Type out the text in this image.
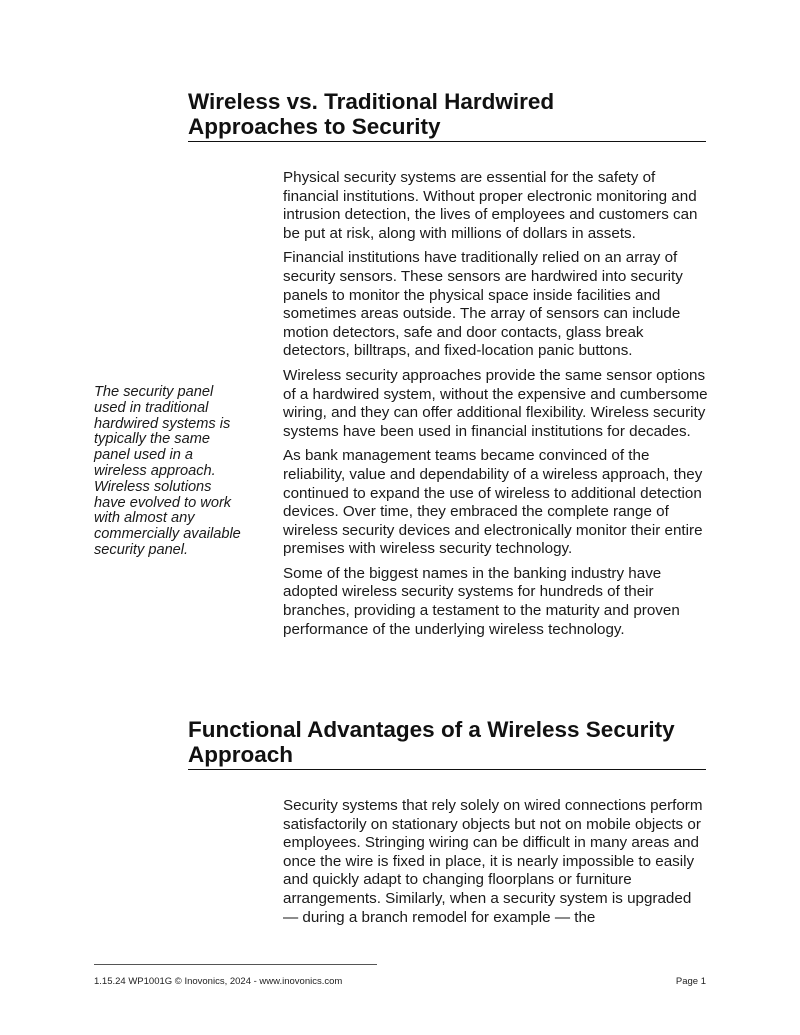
Wireless vs. Traditional Hardwired
Approaches to Security

Physical security systems are essential for the safety of financial institutions. Without proper electronic monitoring and intrusion detection, the lives of employees and customers can be put at risk, along with millions of dollars in assets.

Financial institutions have traditionally relied on an array of security sensors. These sensors are hardwired into security panels to monitor the physical space inside facilities and sometimes areas outside. The array of sensors can include motion detectors, safe and door contacts, glass break detectors, billtraps, and fixed-location panic buttons.

Wireless security approaches provide the same sensor options of a hardwired system, without the expensive and cumbersome wiring, and they can offer additional flexibility. Wireless security systems have been used in financial institutions for decades.

As bank management teams became convinced of the reliability, value and dependability of a wireless approach, they continued to expand the use of wireless to additional detection devices. Over time, they embraced the complete range of wireless security devices and electronically monitor their entire premises with wireless security technology.

Some of the biggest names in the banking industry have adopted wireless security systems for hundreds of their branches, providing a testament to the maturity and proven performance of the underlying wireless technology.

The security panel used in traditional hardwired systems is typically the same panel used in a wireless approach. Wireless solutions have evolved to work with almost any commercially available security panel.

Functional Advantages of a Wireless Security
Approach

Security systems that rely solely on wired connections perform satisfactorily on stationary objects but not on mobile objects or employees. Stringing wiring can be difficult in many areas and once the wire is fixed in place, it is nearly impossible to easily and quickly adapt to changing floorplans or furniture arrangements. Similarly, when a security system is upgraded — during a branch remodel for example — the

1.15.24 WP1001G © Inovonics, 2024 - www.inovonics.com	Page 1
